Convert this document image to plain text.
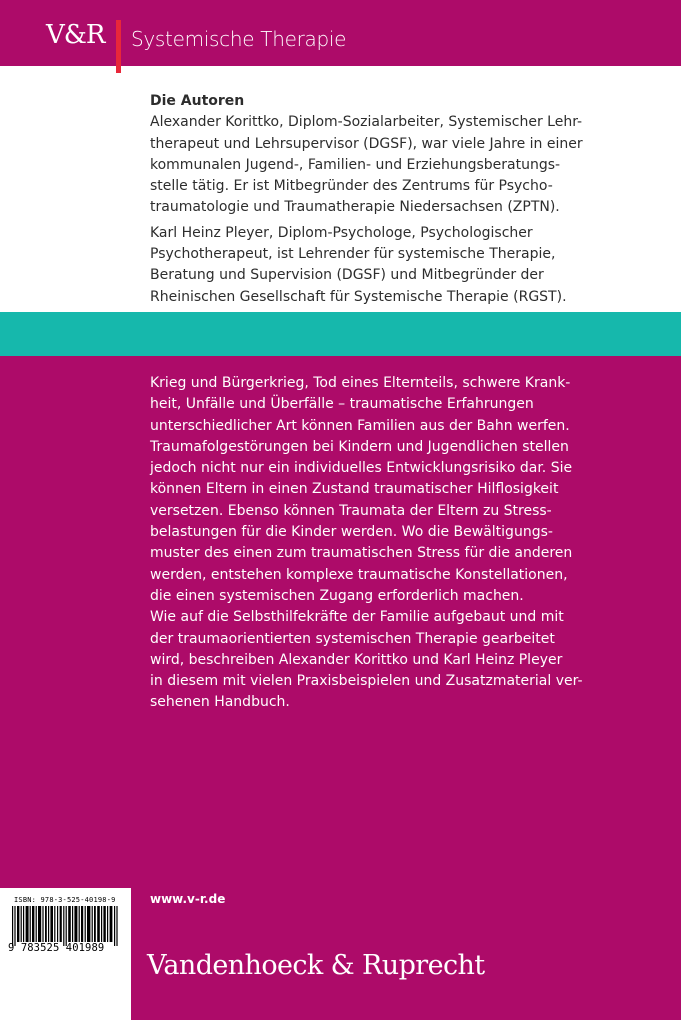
V&R Systemische Therapie
Die Autoren

Alexander Korittko, Diplom-Sozialarbeiter, Systemischer Lehr-
therapeut und Lehrsupervisor (DGSF), war viele Jahre in einer
kommunalen Jugend-, Familien- und Erziehungsberatungs-
stelle tätig. Er ist Mitbegründer des Zentrums für Psycho-
traumatologie und Traumatherapie Niedersachsen (ZPTN).

Karl Heinz Pleyer, Diplom-Psychologe, Psychologischer
Psychotherapeut, ist Lehrender für systemische Therapie,
Beratung und Supervision (DGSF) und Mitbegründer der
Rheinischen Gesellschaft für Systemische Therapie (RGST).

Krieg und Bürgerkrieg, Tod eines Elternteils, schwere Krank-
heit, Unfälle und Überfälle – traumatische Erfahrungen
unterschiedlicher Art können Familien aus der Bahn werfen.
Traumafolgestörungen bei Kindern und Jugendlichen stellen
jedoch nicht nur ein individuelles Entwicklungsrisiko dar. Sie
können Eltern in einen Zustand traumatischer Hilflosigkeit
versetzen. Ebenso können Traumata der Eltern zu Stress-
belastungen für die Kinder werden. Wo die Bewältigungs-
muster des einen zum traumatischen Stress für die anderen
werden, entstehen komplexe traumatische Konstellationen,
die einen systemischen Zugang erforderlich machen.
Wie auf die Selbsthilfekräfte der Familie aufgebaut und mit
der traumaorientierten systemischen Therapie gearbeitet
wird, beschreiben Alexander Korittko und Karl Heinz Pleyer
in diesem mit vielen Praxisbeispielen und Zusatzmaterial ver-
sehenen Handbuch.
ISBN: 978-3-525-40198-9
9 783525 401989
www.v-r.de
Vandenhoeck & Ruprecht
